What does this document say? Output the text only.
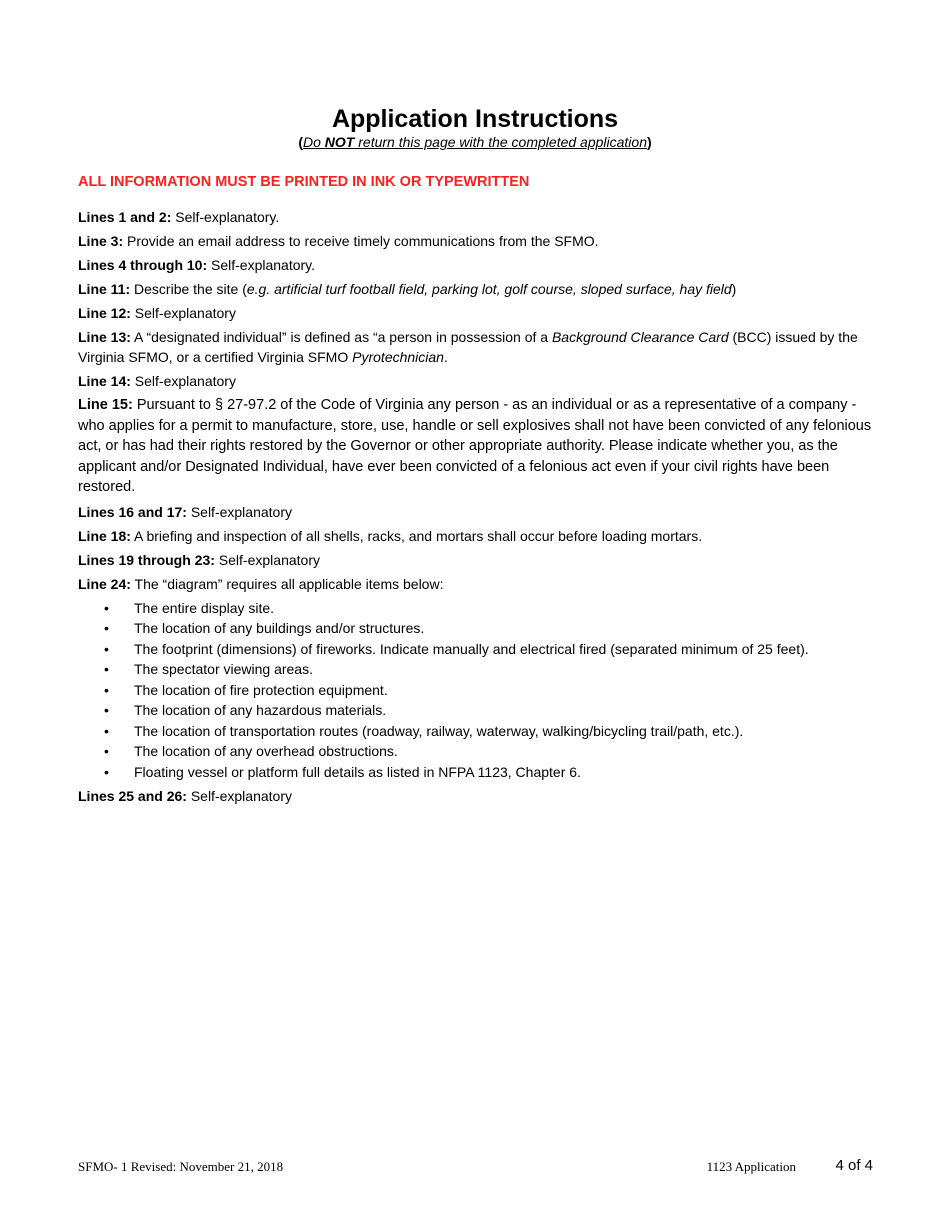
Application Instructions
(Do NOT return this page with the completed application)
ALL INFORMATION MUST BE PRINTED IN INK OR TYPEWRITTEN

Lines 1 and 2: Self-explanatory.

Line 3: Provide an email address to receive timely communications from the SFMO.

Lines 4 through 10: Self-explanatory.

Line 11: Describe the site (e.g. artificial turf football field, parking lot, golf course, sloped surface, hay field)

Line 12: Self-explanatory

Line 13: A “designated individual” is defined as “a person in possession of a Background Clearance Card (BCC) issued by the Virginia SFMO, or a certified Virginia SFMO Pyrotechnician.

Line 14: Self-explanatory

Line 15: Pursuant to § 27-97.2 of the Code of Virginia any person - as an individual or as a representative of a company - who applies for a permit to manufacture, store, use, handle or sell explosives shall not have been convicted of any felonious act, or has had their rights restored by the Governor or other appropriate authority. Please indicate whether you, as the applicant and/or Designated Individual, have ever been convicted of a felonious act even if your civil rights have been restored.

Lines 16 and 17: Self-explanatory

Line 18: A briefing and inspection of all shells, racks, and mortars shall occur before loading mortars.

Lines 19 through 23: Self-explanatory

Line 24: The “diagram” requires all applicable items below:

• The entire display site.
• The location of any buildings and/or structures.
• The footprint (dimensions) of fireworks. Indicate manually and electrical fired (separated minimum of 25 feet).
• The spectator viewing areas.
• The location of fire protection equipment.
• The location of any hazardous materials.
• The location of transportation routes (roadway, railway, waterway, walking/bicycling trail/path, etc.).
• The location of any overhead obstructions.
• Floating vessel or platform full details as listed in NFPA 1123, Chapter 6.

Lines 25 and 26: Self-explanatory

SFMO- 1 Revised: November 21, 2018	1123 Application	4 of 4
